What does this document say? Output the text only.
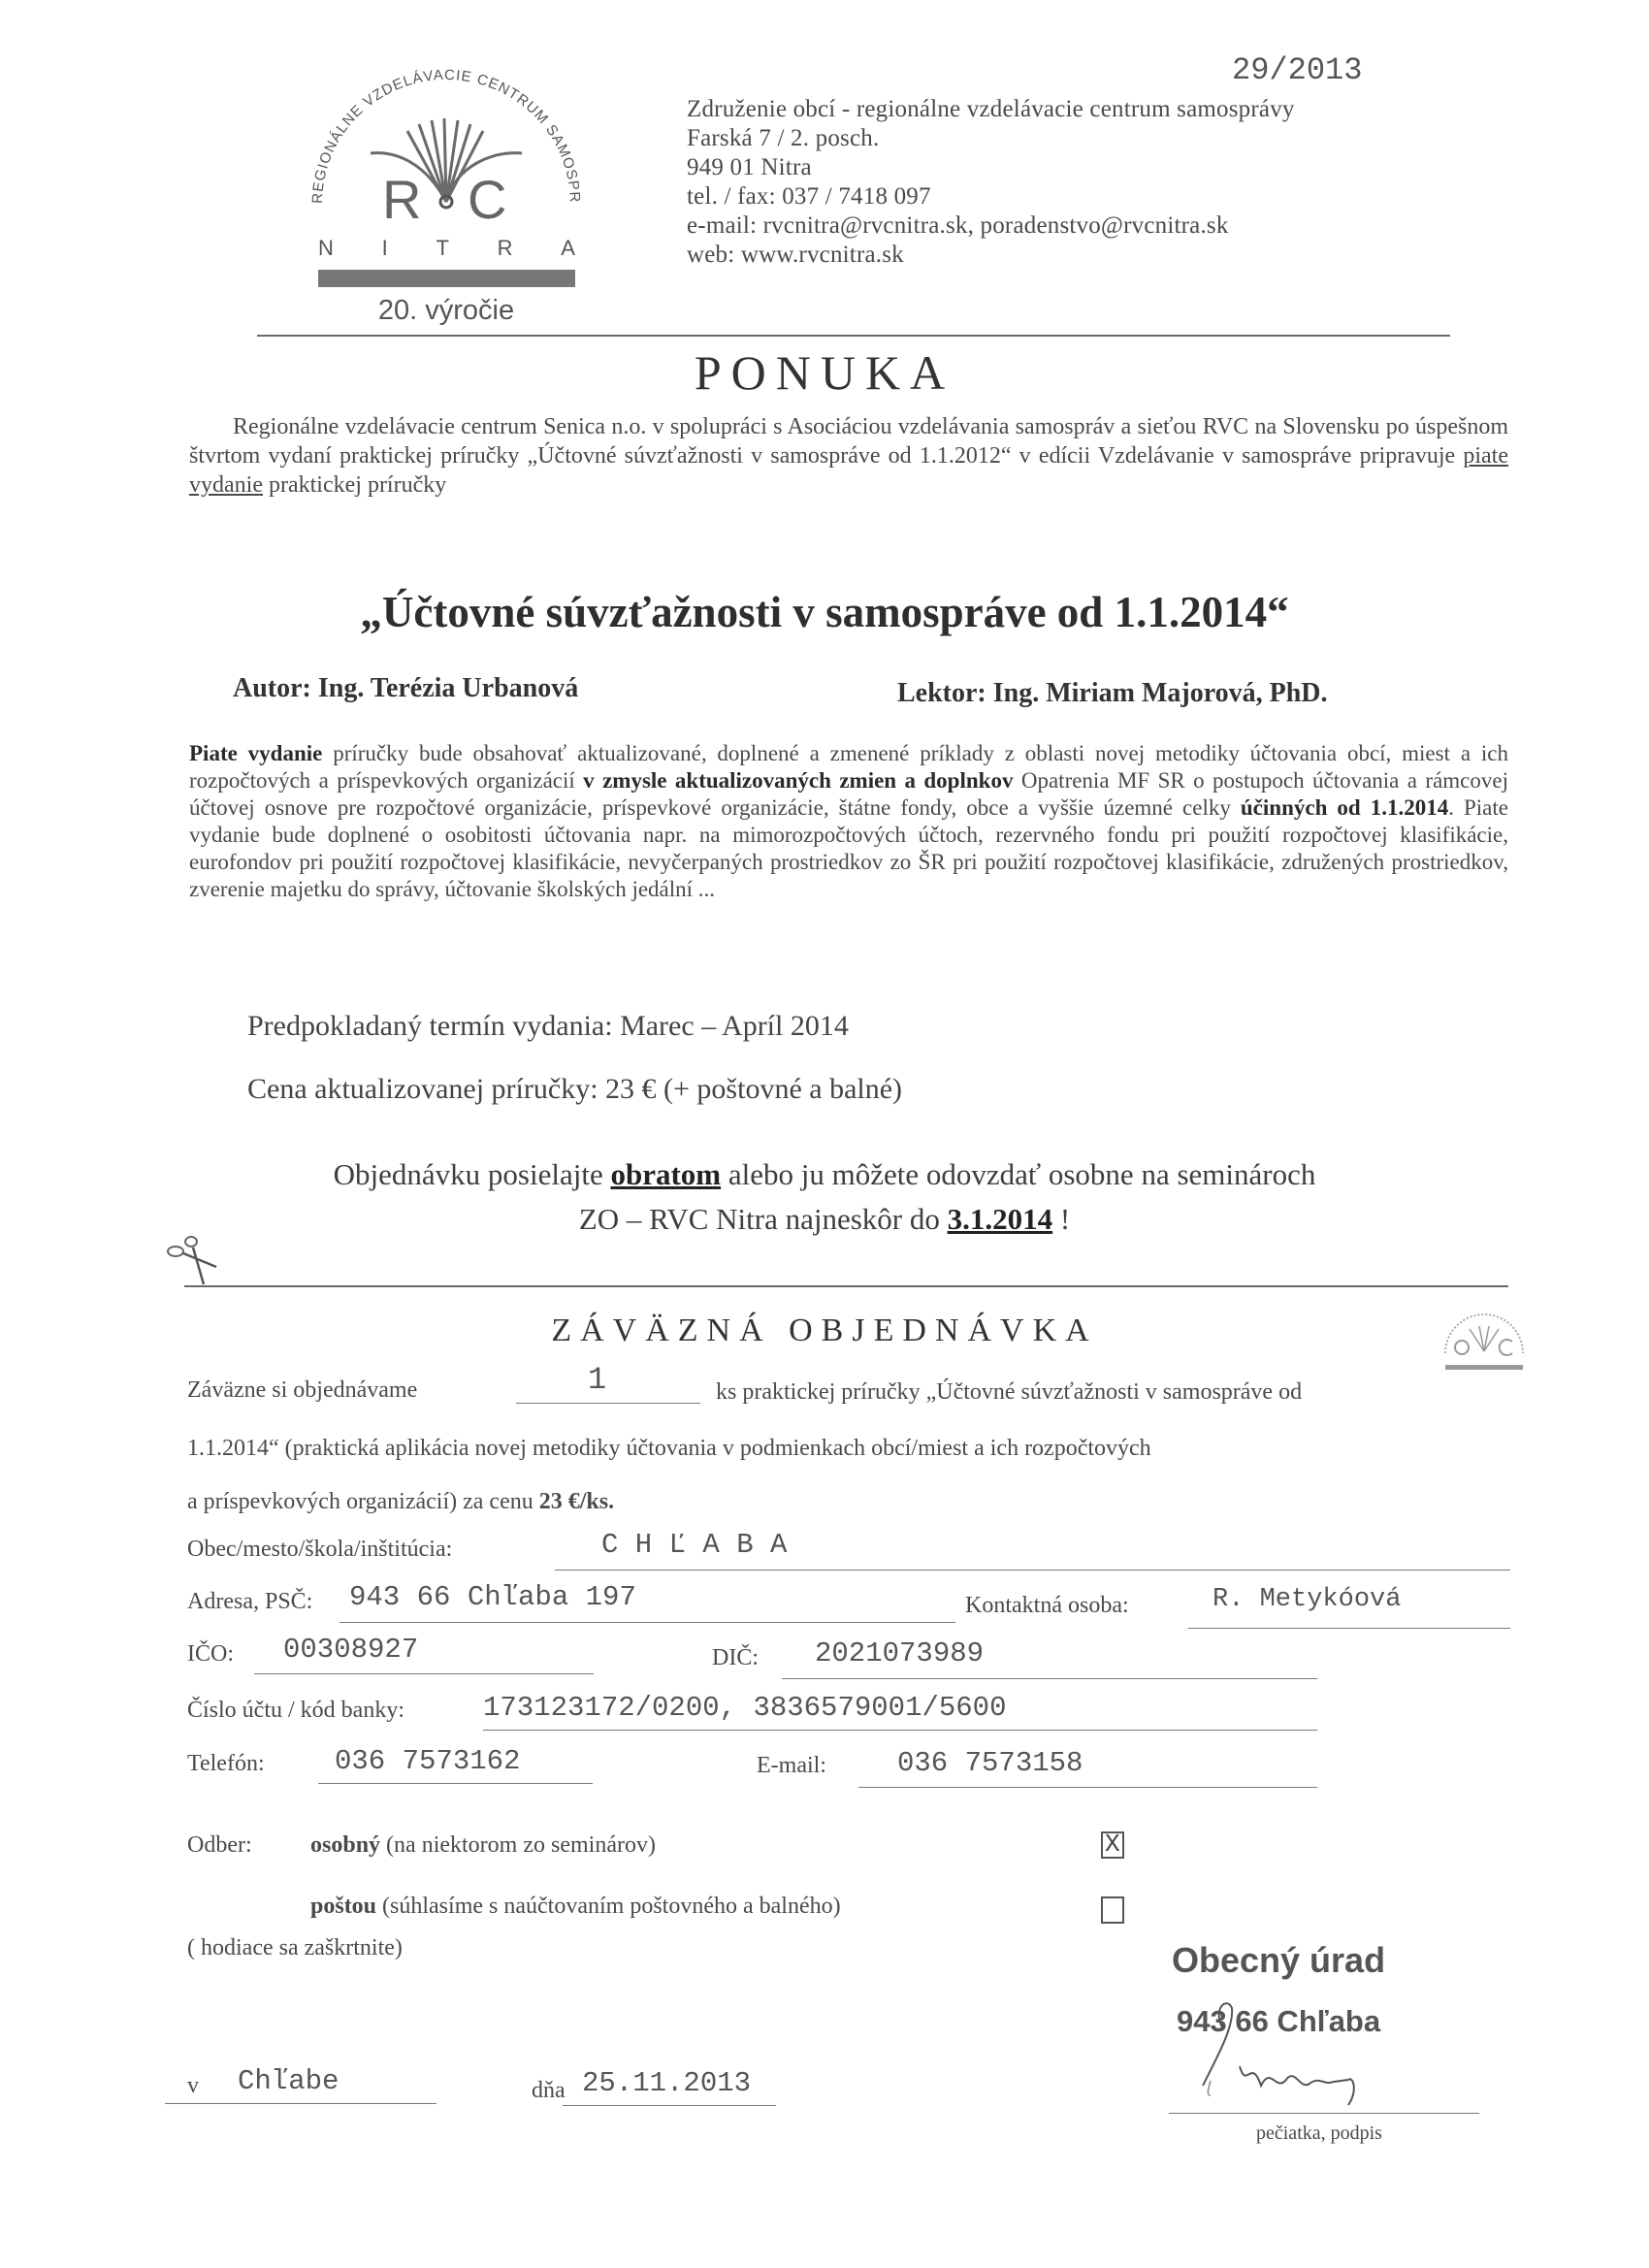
REGIONÁLNE VZDELÁVACIE CENTRUM SAMOSPR
R C
N I T R A
20. výročie
29/2013
Združenie obcí - regionálne vzdelávacie centrum samosprávy
Farská 7 / 2. posch.
949 01 Nitra
tel. / fax: 037 / 7418 097
e-mail: rvcnitra@rvcnitra.sk, poradenstvo@rvcnitra.sk
web: www.rvcnitra.sk
PONUKA
Regionálne vzdelávacie centrum Senica n.o. v spolupráci s Asociáciou vzdelávania samospráv a sieťou RVC na Slovensku po úspešnom štvrtom vydaní praktickej príručky „Účtovné súvzťažnosti v samospráve od 1.1.2012“ v edícii Vzdelávanie v samospráve pripravuje piate vydanie praktickej príručky
„Účtovné súvzťažnosti v samospráve od 1.1.2014“
Autor: Ing. Terézia Urbanová	Lektor: Ing. Miriam Majorová, PhD.
Piate vydanie príručky bude obsahovať aktualizované, doplnené a zmenené príklady z oblasti novej metodiky účtovania obcí, miest a ich rozpočtových a príspevkových organizácií v zmysle aktualizovaných zmien a doplnkov Opatrenia MF SR o postupoch účtovania a rámcovej účtovej osnove pre rozpočtové organizácie, príspevkové organizácie, štátne fondy, obce a vyššie územné celky účinných od 1.1.2014. Piate vydanie bude doplnené o osobitosti účtovania napr. na mimorozpočtových účtoch, rezervného fondu pri použití rozpočtovej klasifikácie, eurofondov pri použití rozpočtovej klasifikácie, nevyčerpaných prostriedkov zo ŠR pri použití rozpočtovej klasifikácie, združených prostriedkov, zverenie majetku do správy, účtovanie školských jedální ...
Predpokladaný termín vydania: Marec – Apríl 2014
Cena aktualizovanej príručky: 23 € (+ poštovné a balné)
Objednávku posielajte obratom alebo ju môžete odovzdať osobne na seminároch
ZO – RVC Nitra najneskôr do 3.1.2014 !
ZÁVÄZNÁ OBJEDNÁVKA
Záväzne si objednávame	1	ks praktickej príručky „Účtovné súvzťažnosti v samospráve od
1.1.2014“ (praktická aplikácia novej metodiky účtovania v podmienkach obcí/miest a ich rozpočtových
a príspevkových organizácií) za cenu 23 €/ks.
Obec/mesto/škola/inštitúcia:	C H Ľ A B A
Adresa, PSČ: 943 66 Chľaba 197	Kontaktná osoba:	R. Metykóová
IČO: 00308927	DIČ: 2021073989
Číslo účtu / kód banky:	173123172/0200, 3836579001/5600
Telefón: 036 7573162	E-mail:	036 7573158
Odber:	osobný (na niektorom zo seminárov)	X
poštou (súhlasíme s naúčtovaním poštovného a balného)
( hodiace sa zaškrtnite)
v Chľabe	dňa 25.11.2013
Obecný úrad
943 66 Chľaba
pečiatka, podpis
